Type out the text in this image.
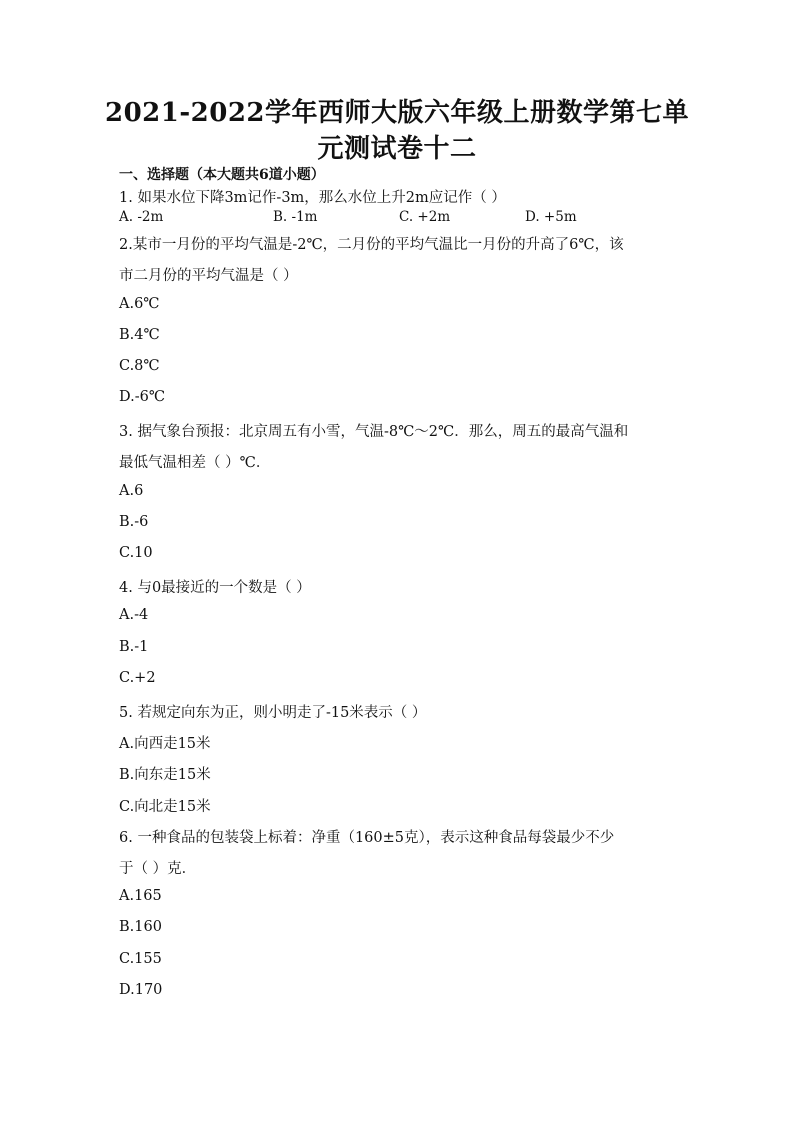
2021-2022学年西师大版六年级上册数学第七单
元测试卷十二
一、选择题（本大题共6道小题）
1. 如果水位下降3m记作-3m，那么水位上升2m应记作（ ）
A. -2m	B. -1m	C. +2m	D. +5m
2.某市一月份的平均气温是-2℃，二月份的平均气温比一月份的升高了6℃，该
市二月份的平均气温是（ ）
A.6℃
B.4℃
C.8℃
D.-6℃
3. 据气象台预报：北京周五有小雪，气温-8℃～2℃．那么，周五的最高气温和
最低气温相差（ ）℃．
A.6
B.-6
C.10
4. 与0最接近的一个数是（ ）
A.-4
B.-1
C.+2
5. 若规定向东为正，则小明走了-15米表示（ ）
A.向西走15米
B.向东走15米
C.向北走15米
6. 一种食品的包装袋上标着：净重（160±5克），表示这种食品每袋最少不少
于（ ）克．
A.165
B.160
C.155
D.170
